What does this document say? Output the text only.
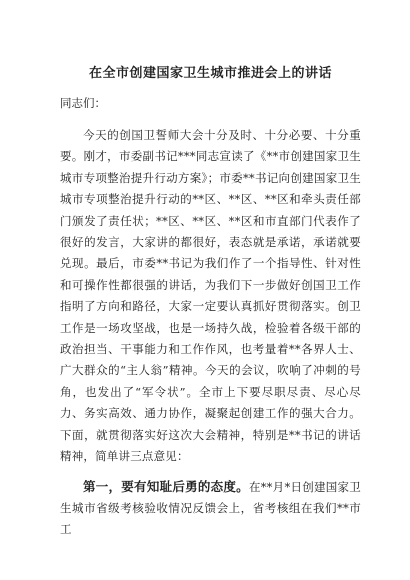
在全市创建国家卫生城市推进会上的讲话
同志们：

今天的创国卫誓师大会十分及时、十分必要、十分重要。刚才，市委副书记***同志宣读了《**市创建国家卫生城市专项整治提升行动方案》；市委**书记向创建国家卫生城市专项整治提升行动的**区、**区、**区和牵头责任部门颁发了责任状；**区、**区、**区和市直部门代表作了很好的发言，大家讲的都很好，表态就是承诺，承诺就要兑现。最后，市委**书记为我们作了一个指导性、针对性和可操作性都很强的讲话，为我们下一步做好创国卫工作指明了方向和路径，大家一定要认真抓好贯彻落实。创卫工作是一场攻坚战，也是一场持久战，检验着各级干部的政治担当、干事能力和工作作风，也考量着**各界人士、广大群众的“主人翁”精神。今天的会议，吹响了冲刺的号角，也发出了“军令状”。全市上下要尽职尽责、尽心尽力、务实高效、通力协作，凝聚起创建工作的强大合力。下面，就贯彻落实好这次大会精神，特别是**书记的讲话精神，简单讲三点意见：

第一，要有知耻后勇的态度。在**月*日创建国家卫生城市省级考核验收情况反馈会上，省考核组在我们**市工
